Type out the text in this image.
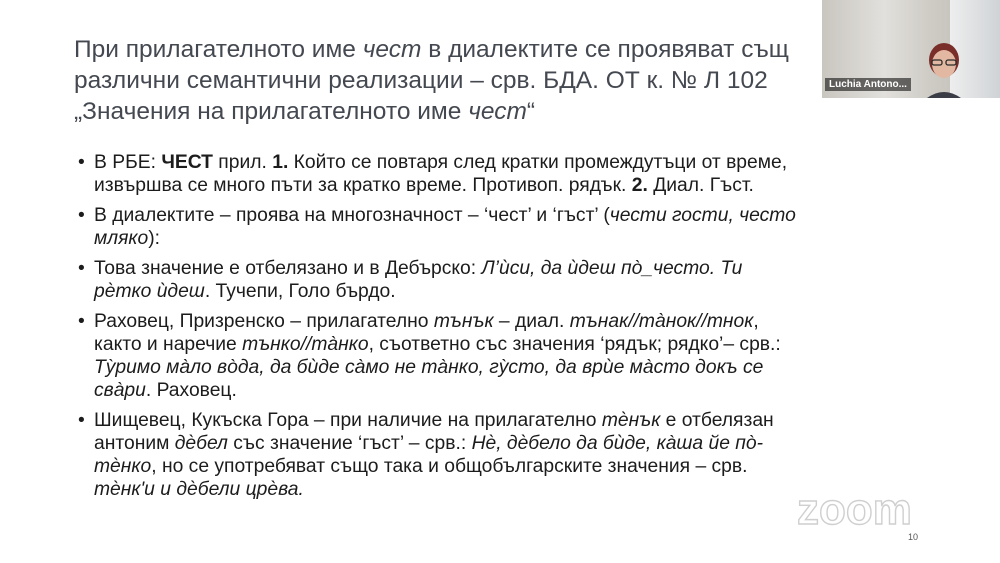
При прилагателното име чест в диалектите се проявяват същ
различни семантични реализации – срв. БДА. ОТ к. № Л 102
„Значения на прилагателното име чест“
• В РБЕ: ЧЕСТ прил. 1. Който се повтаря след кратки промеждутъци от време,
извършва се много пъти за кратко време. Противоп. рядък. 2. Диал. Гъст.
• В диалектите – проява на многозначност – ‘чест’ и ‘гъст’ (чести гости, често
мляко):
• Това значение е отбелязано и в Дебърско: Л’ѝси, да ѝдеш пò_често. Ти
рѐтко ѝдеш. Тучепи, Голо бърдо.
• Раховец, Призренско – прилагателно тънък – диал. тънак//тàнок//тнок,
както и наречие тънко//тàнко, съответно със значения ‘рядък; рядко’– срв.:
Тỳримо мàло вòда, да бѝде сàмо не тàнко, гỳсто, да врѝе мàсто докъ се
свàри. Раховец.
• Шищевец, Кукъска Гора – при наличие на прилагателно тѐнък е отбелязан
антоним дѐбел със значение ‘гъст’ – срв.: Нѐ, дѐбело да бѝде, кàша йе пò-
тѐнко, но се употребяват също така и общобългарските значения – срв.
тѐнк'и и дѐбели црѐва.
10
Luchia Antono...
zoom
